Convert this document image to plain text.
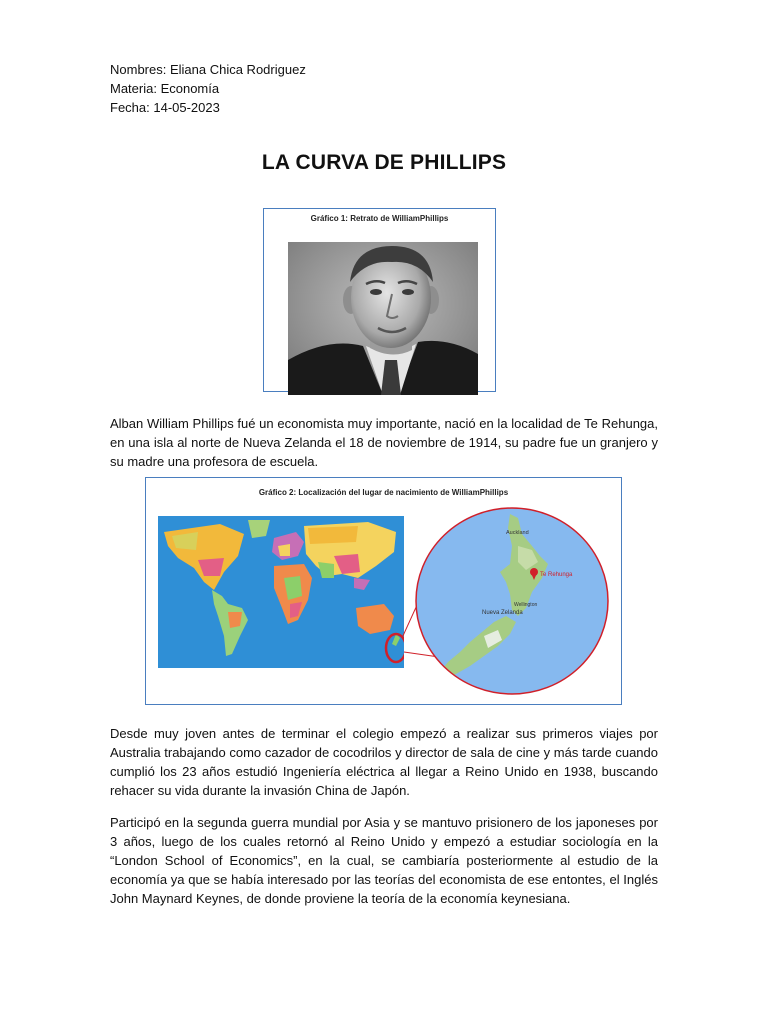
Nombres: Eliana Chica Rodriguez
Materia: Economía
Fecha: 14-05-2023
LA CURVA DE PHILLIPS
Gráfico 1: Retrato de WilliamPhillips
Alban William Phillips fué un economista muy importante, nació en la localidad de Te Rehunga, en una isla al norte de Nueva Zelanda el 18 de noviembre de 1914, su padre fue un granjero y su madre una profesora de escuela.
Gráfico 2: Localización del lugar de nacimiento de WilliamPhillips
Te Rehunga
Auckland
Nueva Zelanda
Wellington
Desde muy joven antes de terminar el colegio empezó a realizar sus primeros viajes por Australia trabajando como cazador de cocodrilos y director de sala de cine y más tarde cuando cumplió los 23 años estudió Ingeniería eléctrica al llegar a Reino Unido en 1938, buscando rehacer su vida durante la invasión China de Japón.
Participó en la segunda guerra mundial por Asia y se mantuvo prisionero de los japoneses por 3 años, luego de los cuales retornó al Reino Unido y empezó a estudiar sociología en la “London School of Economics”, en la cual, se cambiaría posteriormente al estudio de la economía ya que se había interesado por las teorías del economista de ese entontes, el Inglés John Maynard Keynes, de donde proviene la teoría de la economía keynesiana.
